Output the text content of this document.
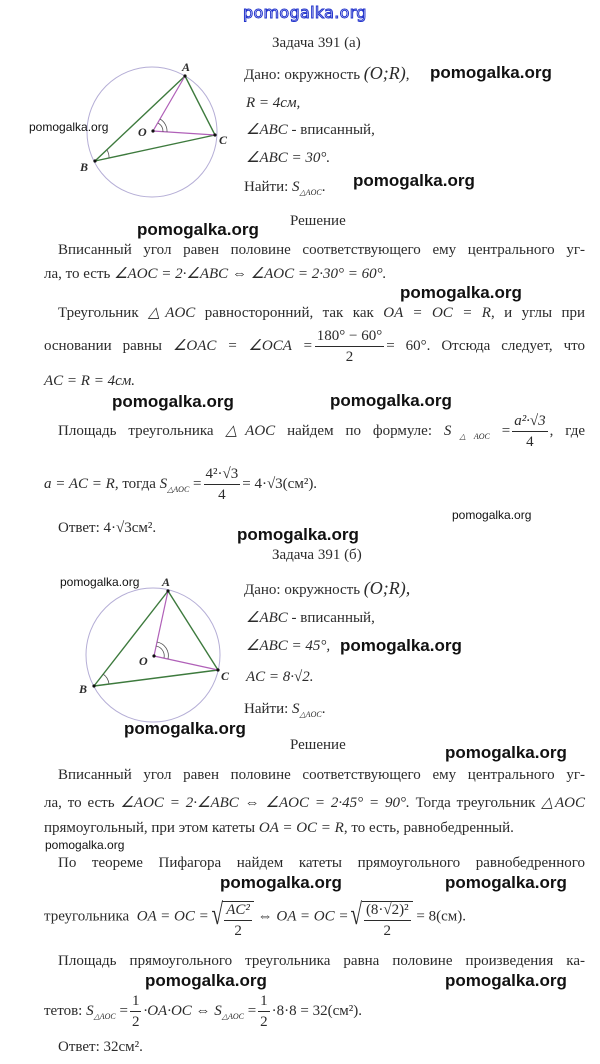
pomogalka.org
Задача 391 (а)
A
O
C
B
Дано: окружность (O;R),
R = 4см,
∠ABC - вписанный,
∠ABC = 30°.
Найти: $S_{\triangle AOC}$.
Решение
Вписанный угол равен половине соответствующего ему центрального уг-
ла, то есть ∠AOC = 2·∠ABC ⇔ ∠AOC = 2·30° = 60°.
Треугольник △AOC равносторонний, так как OA = OC = R, и углы при
основании равны ∠OAC = ∠OCA = $\frac{180^\circ - 60^\circ}{2} = 60^\circ$. Отсюда следует, что
AC = R = 4см.
Площадь треугольника △AOC найдем по формуле: $S_{\triangle AOC} = \frac{\text{a²·√3}}{4}$ , где
a = AC = R, тогда $S_{\triangle AOC} = \frac{\text{4²·√3}}{4} = 4\cdot√3(см^2)$.
Ответ: 4·√3см².
Задача 391 (б)
A
O
C
B
Дано: окружность (O;R),
∠ABC - вписанный,
∠ABC = 45°,
AC = 8·√2.
Найти: $S_{\triangle AOC}$.
Решение
Вписанный угол равен половине соответствующего ему центрального уг-
ла, то есть ∠AOC = 2·∠ABC ⇔ ∠AOC = 2·45° = 90°. Тогда треугольник △AOC
прямоугольный, при этом катеты OA = OC = R, то есть, равнобедренный.
По теореме Пифагора найдем катеты прямоугольного равнобедренного
треугольника OA = OC = √ $\frac{\text{AC²}}{2}$ ⇔ OA = OC = √ $\frac{\text{(8·√2)²}}{2} = 8(см)$.
Площадь прямоугольного треугольника равна половине произведения ка-
тетов: $S_{\triangle AOC} = \frac{1}{2} \cdot OA\cdot OC$ ⇔ $S_{\triangle AOC} = \frac{1}{2} \cdot 8\cdot 8 = 32(см^2)$.
Ответ: 32см².
pomogalka.org
pomogalka.org
pomogalka.org
pomogalka.org
pomogalka.org
pomogalka.org	pomogalka.org
pomogalka.org
pomogalka.org
pomogalka.org
pomogalka.org
pomogalka.org
pomogalka.org
pomogalka.org
pomogalka.org	pomogalka.org
pomogalka.org	pomogalka.org
